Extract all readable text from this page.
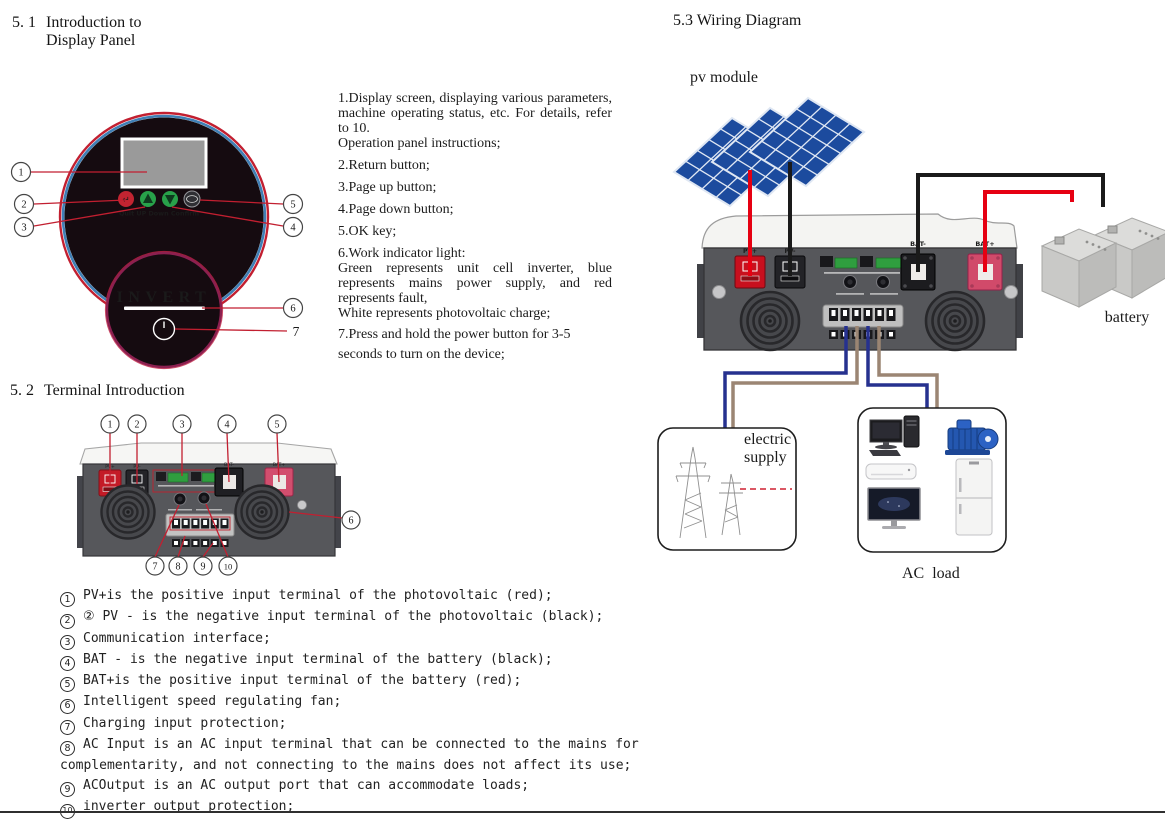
5. 1 Introduction to
Display Panel
↵
Quit UP Down Confirm
INVERT
1
2
3	4
5
6
7

1.Display screen, displaying various parameters, machine operating status, etc. For details, refer to 10.

Operation panel instructions;

2.Return button;

3.Page up button;

4.Page down button;

5.OK key;

6.Work indicator light:

Green represents unit cell inverter, blue represents mains power supply, and red represents fault,

White represents photovoltaic charge;

7.Press and hold the power button for 3-5 seconds to turn on the device;

5. 2 Terminal Introduction
PV+	PV-	BAT-	BAT+
1 2	3	4	5
6
7 8 9 10
1 PV+is the positive input terminal of the photovoltaic (red);
2 ② PV - is the negative input terminal of the photovoltaic (black);
3 Communication interface;
4 BAT - is the negative input terminal of the battery (black);
5 BAT+is the positive input terminal of the battery (red);
6 Intelligent speed regulating fan;
7 Charging input protection;
8 AC Input is an AC input terminal that can be connected to the mains for complementarity, and not connecting to the mains does not affect its use;
9 ACOutput is an AC output port that can accommodate loads;
10 inverter output protection;
5.3 Wiring Diagram
pv module
PV+	PV-
BAT-	BAT+
battery
electric
supply
AC  load
